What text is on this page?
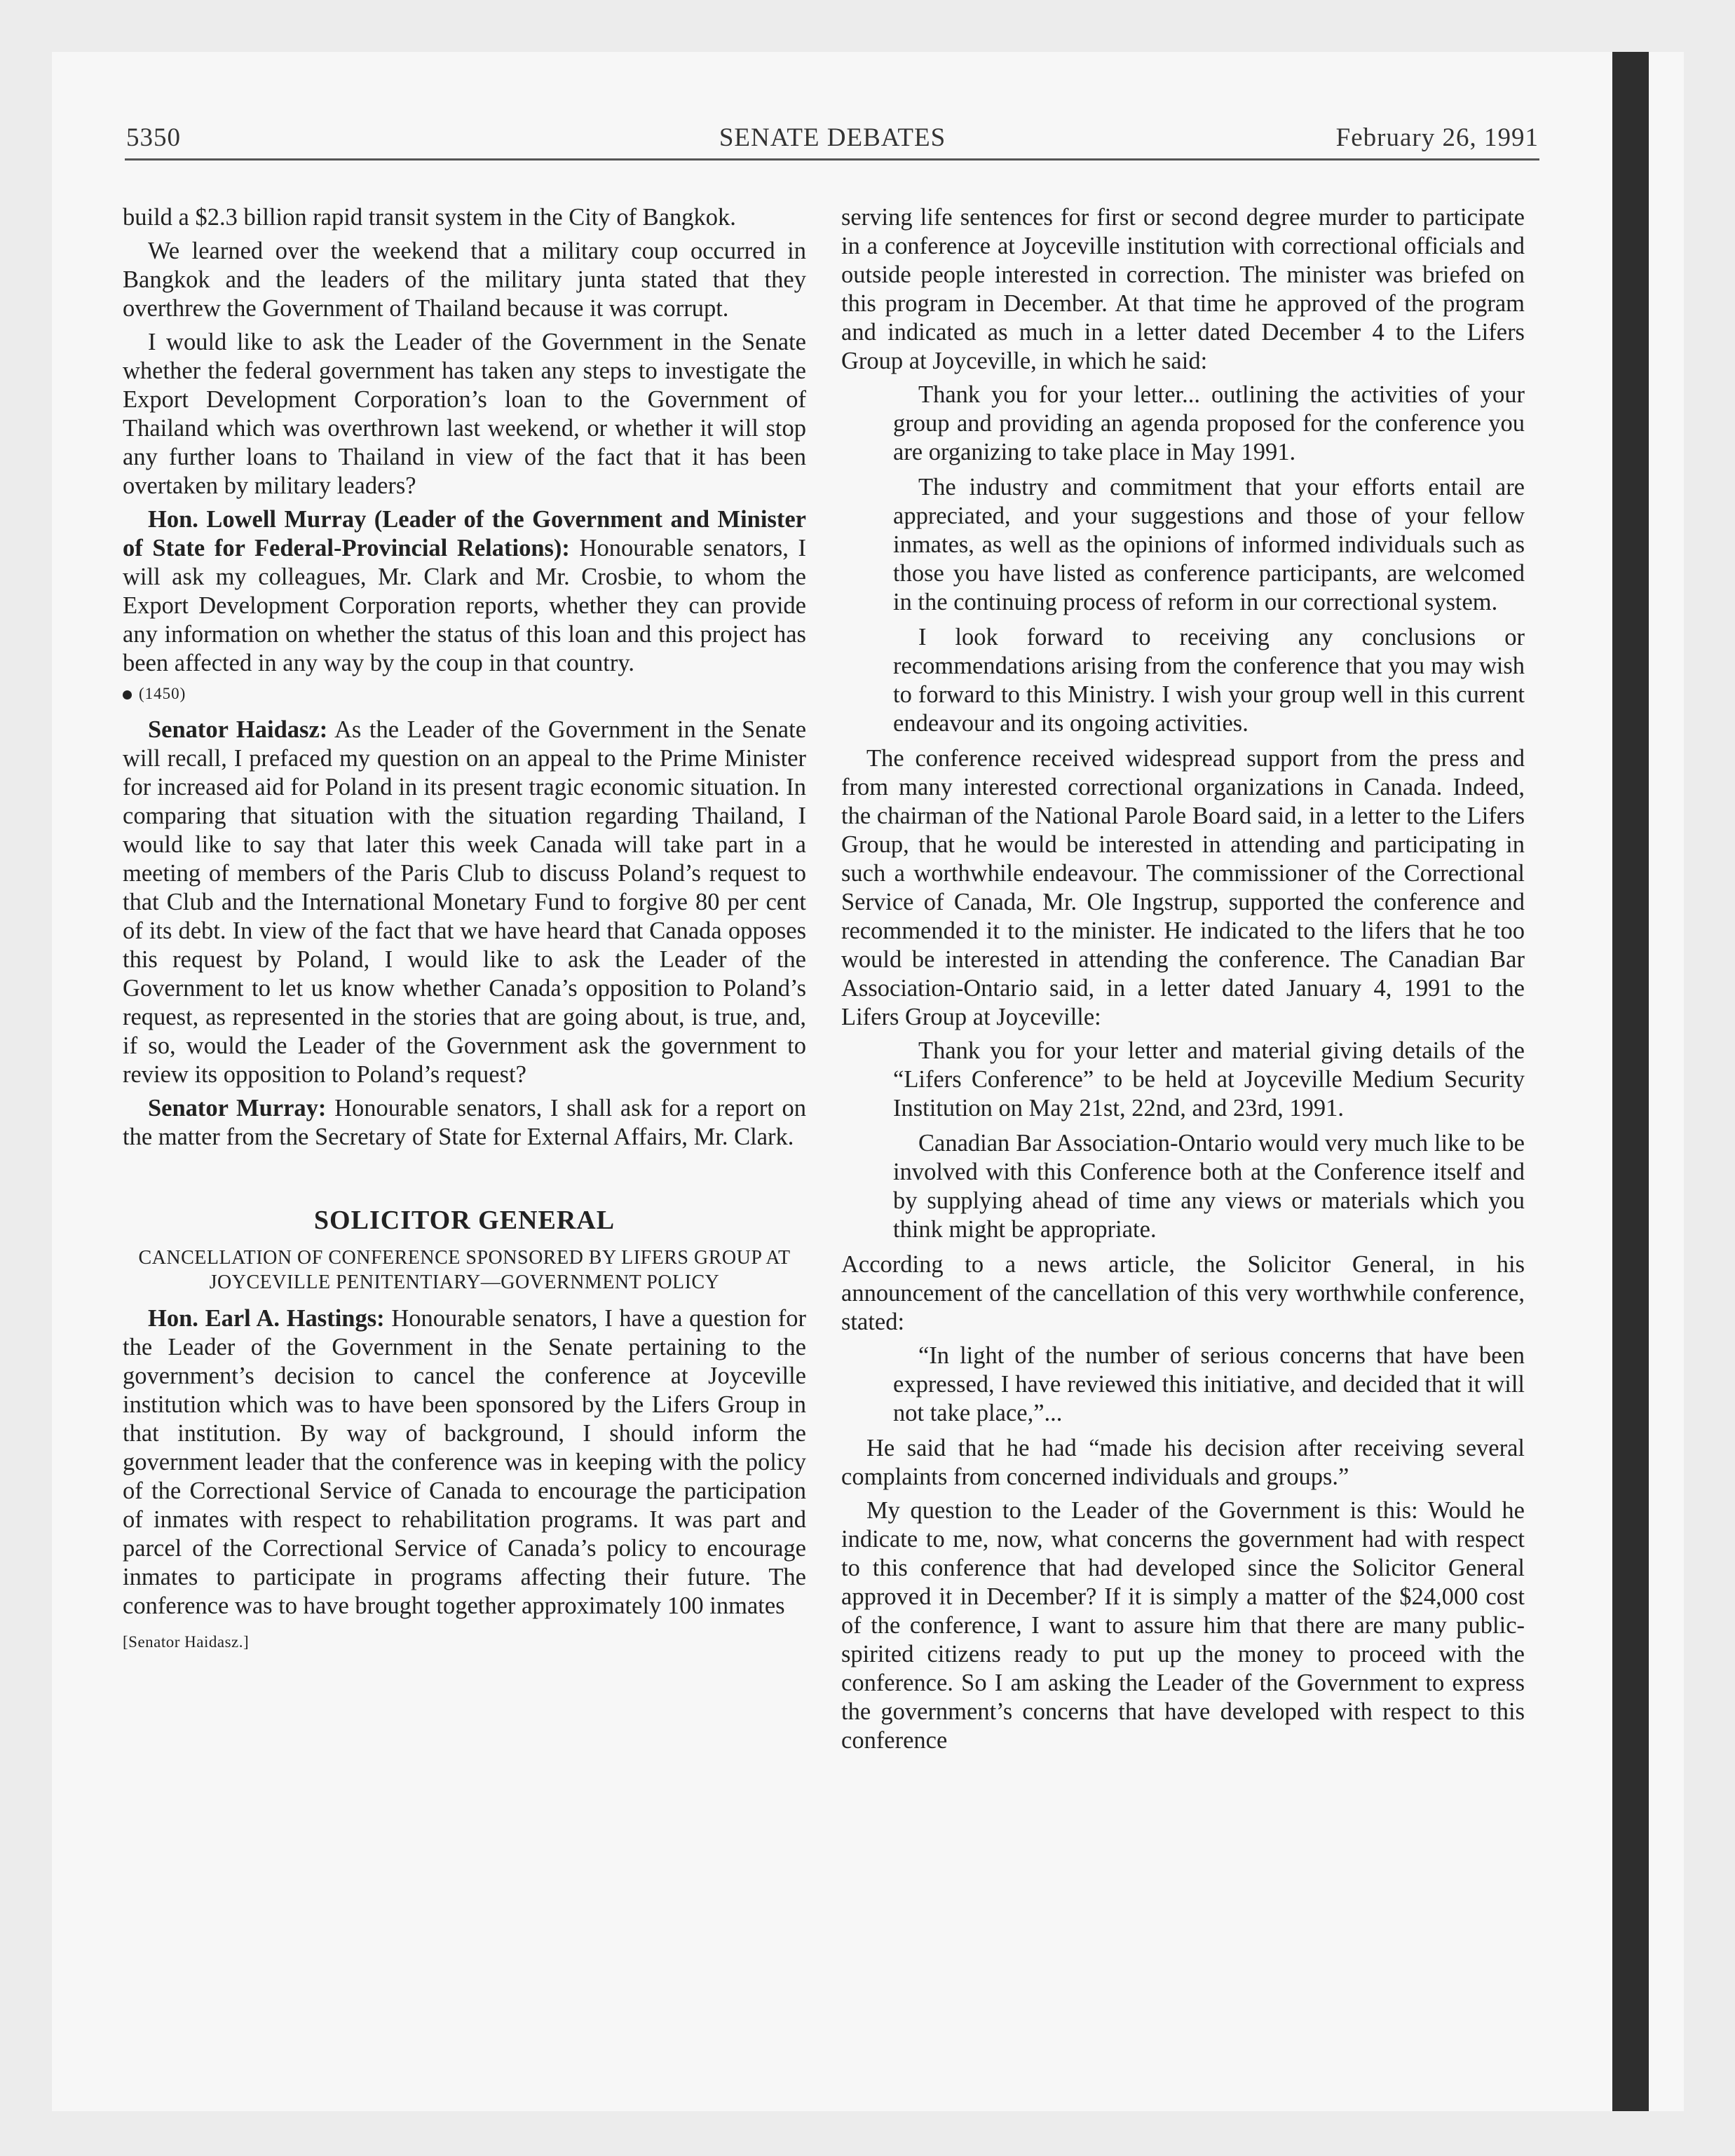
5350	SENATE DEBATES	February 26, 1991

build a $2.3 billion rapid transit system in the City of Bangkok.

We learned over the weekend that a military coup occurred in Bangkok and the leaders of the military junta stated that they overthrew the Government of Thailand because it was corrupt.

I would like to ask the Leader of the Government in the Senate whether the federal government has taken any steps to investigate the Export Development Corporation’s loan to the Government of Thailand which was overthrown last weekend, or whether it will stop any further loans to Thailand in view of the fact that it has been overtaken by military leaders?

Hon. Lowell Murray (Leader of the Government and Minister of State for Federal-Provincial Relations): Honourable senators, I will ask my colleagues, Mr. Clark and Mr. Crosbie, to whom the Export Development Corporation reports, whether they can provide any information on whether the status of this loan and this project has been affected in any way by the coup in that country.

(1450)

Senator Haidasz: As the Leader of the Government in the Senate will recall, I prefaced my question on an appeal to the Prime Minister for increased aid for Poland in its present tragic economic situation. In comparing that situation with the situation regarding Thailand, I would like to say that later this week Canada will take part in a meeting of members of the Paris Club to discuss Poland’s request to that Club and the International Monetary Fund to forgive 80 per cent of its debt. In view of the fact that we have heard that Canada opposes this request by Poland, I would like to ask the Leader of the Government to let us know whether Canada’s opposition to Poland’s request, as represented in the stories that are going about, is true, and, if so, would the Leader of the Government ask the government to review its opposition to Poland’s request?

Senator Murray: Honourable senators, I shall ask for a report on the matter from the Secretary of State for External Affairs, Mr. Clark.

SOLICITOR GENERAL
CANCELLATION OF CONFERENCE SPONSORED BY LIFERS GROUP AT JOYCEVILLE PENITENTIARY—GOVERNMENT POLICY

Hon. Earl A. Hastings: Honourable senators, I have a question for the Leader of the Government in the Senate pertaining to the government’s decision to cancel the conference at Joyceville institution which was to have been sponsored by the Lifers Group in that institution. By way of background, I should inform the government leader that the conference was in keeping with the policy of the Correctional Service of Canada to encourage the participation of inmates with respect to rehabilitation programs. It was part and parcel of the Correctional Service of Canada’s policy to encourage inmates to participate in programs affecting their future. The conference was to have brought together approximately 100 inmates

[Senator Haidasz.]

serving life sentences for first or second degree murder to participate in a conference at Joyceville institution with correctional officials and outside people interested in correction. The minister was briefed on this program in December. At that time he approved of the program and indicated as much in a letter dated December 4 to the Lifers Group at Joyceville, in which he said:

Thank you for your letter... outlining the activities of your group and providing an agenda proposed for the conference you are organizing to take place in May 1991.

The industry and commitment that your efforts entail are appreciated, and your suggestions and those of your fellow inmates, as well as the opinions of informed individuals such as those you have listed as conference participants, are welcomed in the continuing process of reform in our correctional system.

I look forward to receiving any conclusions or recommendations arising from the conference that you may wish to forward to this Ministry. I wish your group well in this current endeavour and its ongoing activities.

The conference received widespread support from the press and from many interested correctional organizations in Canada. Indeed, the chairman of the National Parole Board said, in a letter to the Lifers Group, that he would be interested in attending and participating in such a worthwhile endeavour. The commissioner of the Correctional Service of Canada, Mr. Ole Ingstrup, supported the conference and recommended it to the minister. He indicated to the lifers that he too would be interested in attending the conference. The Canadian Bar Association-Ontario said, in a letter dated January 4, 1991 to the Lifers Group at Joyceville:

Thank you for your letter and material giving details of the “Lifers Conference” to be held at Joyceville Medium Security Institution on May 21st, 22nd, and 23rd, 1991.

Canadian Bar Association-Ontario would very much like to be involved with this Conference both at the Conference itself and by supplying ahead of time any views or materials which you think might be appropriate.

According to a news article, the Solicitor General, in his announcement of the cancellation of this very worthwhile conference, stated:

“In light of the number of serious concerns that have been expressed, I have reviewed this initiative, and decided that it will not take place,”...

He said that he had “made his decision after receiving several complaints from concerned individuals and groups.”

My question to the Leader of the Government is this: Would he indicate to me, now, what concerns the government had with respect to this conference that had developed since the Solicitor General approved it in December? If it is simply a matter of the $24,000 cost of the conference, I want to assure him that there are many public-spirited citizens ready to put up the money to proceed with the conference. So I am asking the Leader of the Government to express the government’s concerns that have developed with respect to this conference
